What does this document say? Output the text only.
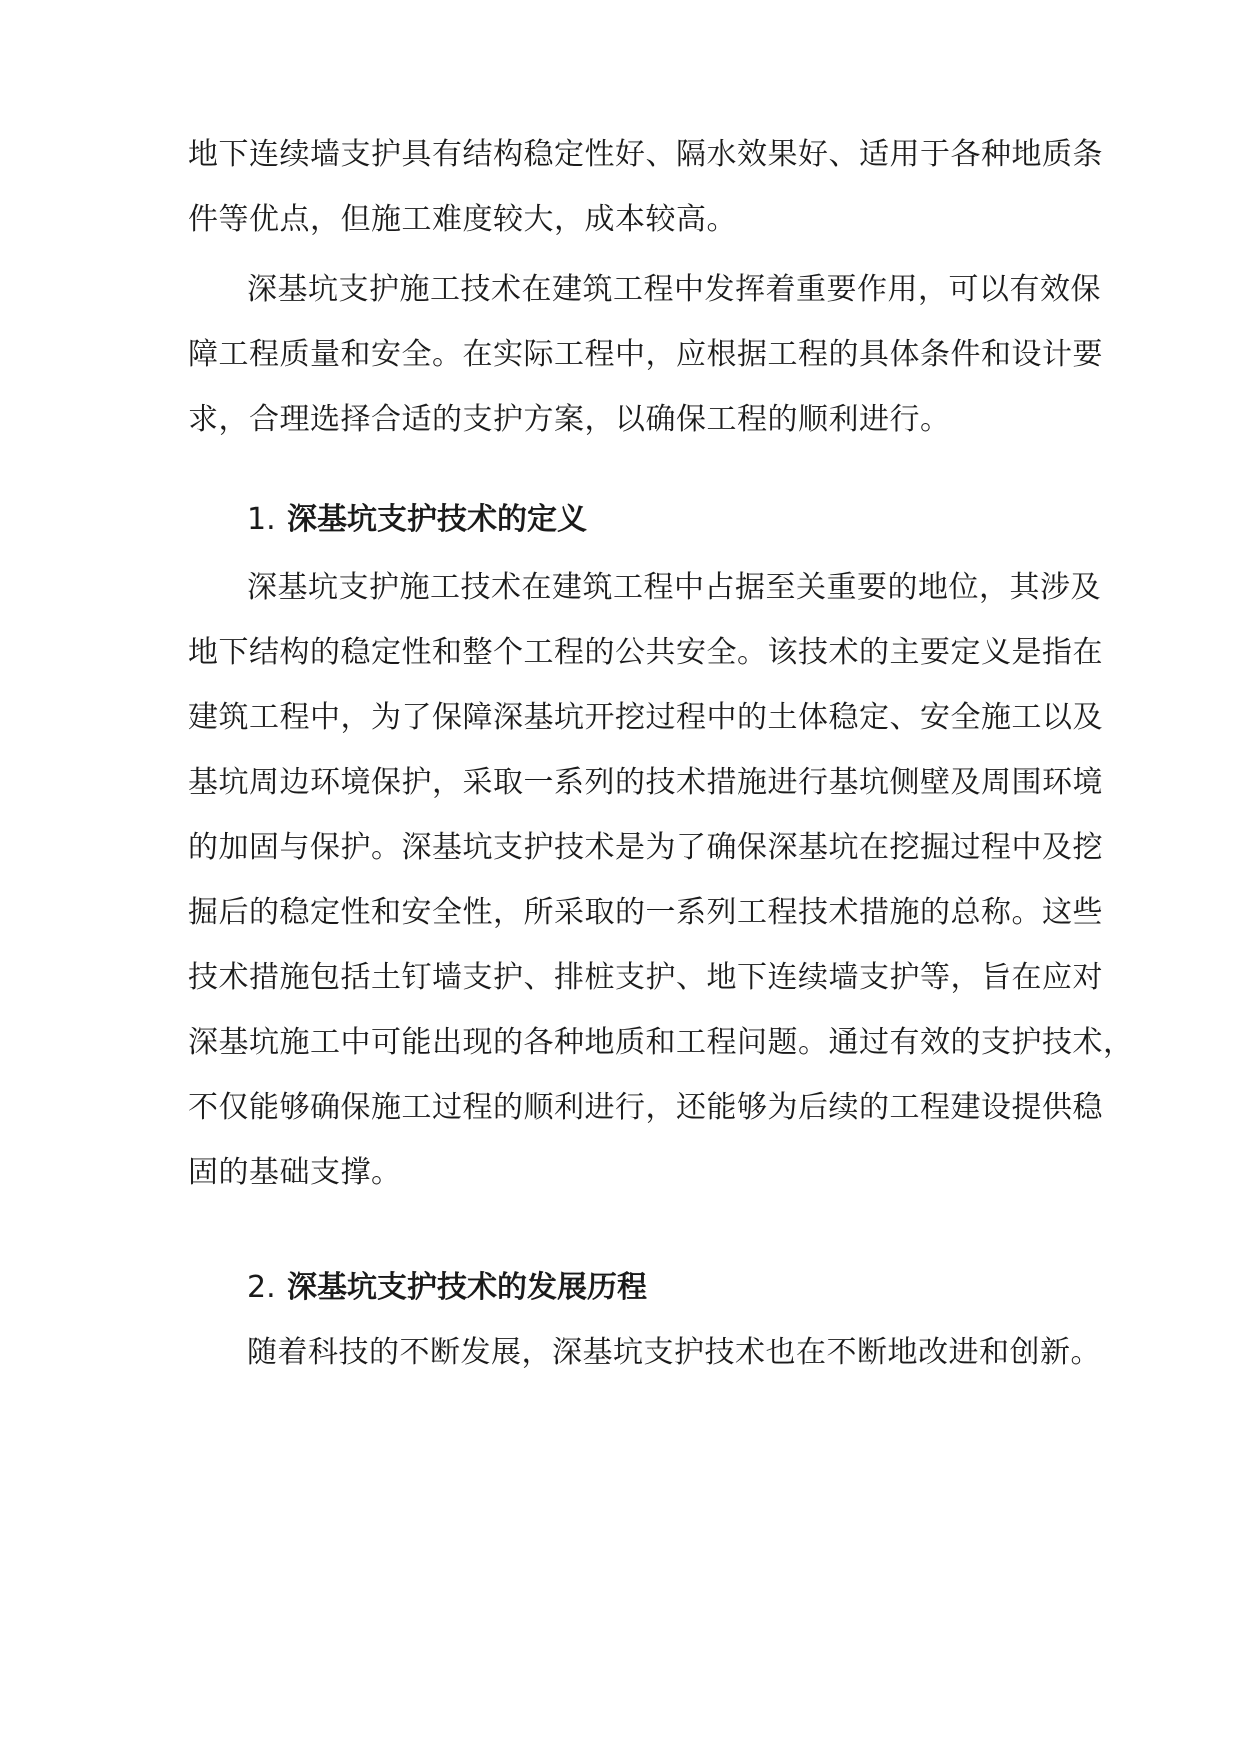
地下连续墙支护具有结构稳定性好、隔水效果好、适用于各种地质条
件等优点，但施工难度较大，成本较高。
深基坑支护施工技术在建筑工程中发挥着重要作用，可以有效保
障工程质量和安全。在实际工程中，应根据工程的具体条件和设计要
求，合理选择合适的支护方案，以确保工程的顺利进行。
1. 深基坑支护技术的定义
深基坑支护施工技术在建筑工程中占据至关重要的地位，其涉及
地下结构的稳定性和整个工程的公共安全。该技术的主要定义是指在
建筑工程中，为了保障深基坑开挖过程中的土体稳定、安全施工以及
基坑周边环境保护，采取一系列的技术措施进行基坑侧壁及周围环境
的加固与保护。深基坑支护技术是为了确保深基坑在挖掘过程中及挖
掘后的稳定性和安全性，所采取的一系列工程技术措施的总称。这些
技术措施包括土钉墙支护、排桩支护、地下连续墙支护等，旨在应对
深基坑施工中可能出现的各种地质和工程问题。通过有效的支护技术，
不仅能够确保施工过程的顺利进行，还能够为后续的工程建设提供稳
固的基础支撑。
2. 深基坑支护技术的发展历程
随着科技的不断发展，深基坑支护技术也在不断地改进和创新。
